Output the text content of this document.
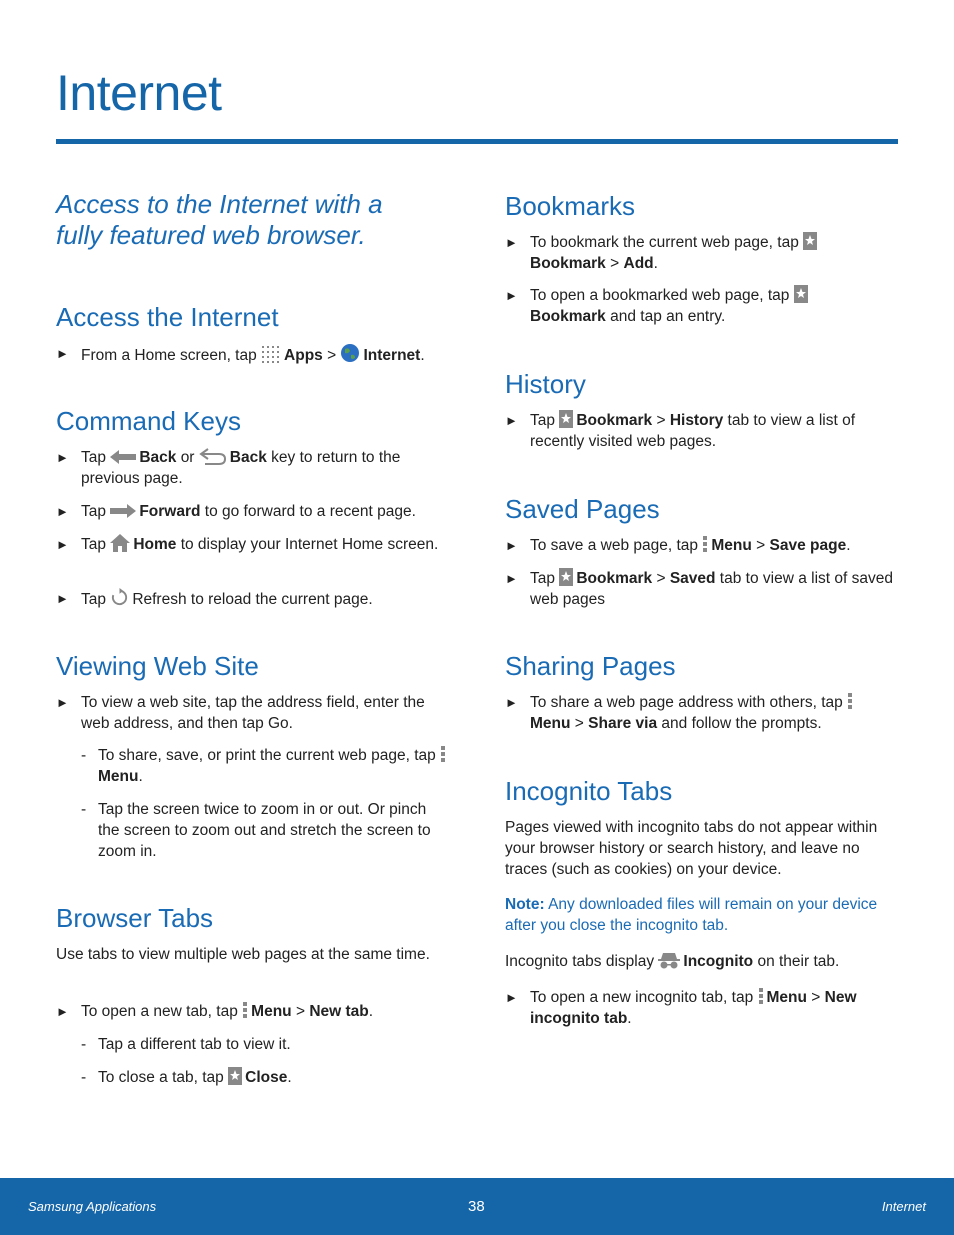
Internet

Access to the Internet with a fully featured web browser.

Access the Internet
► From a Home screen, tap Apps > Internet.
Command Keys
► Tap Back or Back key to return to the previous page.
► Tap Forward to go forward to a recent page.
► Tap Home to display your Internet Home screen.
► Tap Refresh to reload the current page.
Viewing Web Site
► To view a web site, tap the address field, enter the web address, and then tap Go.
- To share, save, or print the current web page, tap Menu.
- Tap the screen twice to zoom in or out. Or pinch the screen to zoom out and stretch the screen to zoom in.
Browser Tabs

Use tabs to view multiple web pages at the same time.

► To open a new tab, tap Menu > New tab.
- Tap a different tab to view it.
- To close a tab, tap Close.
Bookmarks
► To bookmark the current web page, tap Bookmark > Add.
► To open a bookmarked web page, tap Bookmark and tap an entry.
History
► Tap Bookmark > History tab to view a list of recently visited web pages.
Saved Pages
► To save a web page, tap Menu > Save page.
► Tap Bookmark > Saved tab to view a list of saved web pages
Sharing Pages
► To share a web page address with others, tap Menu > Share via and follow the prompts.
Incognito Tabs

Pages viewed with incognito tabs do not appear within your browser history or search history, and leave no traces (such as cookies) on your device.

Note: Any downloaded files will remain on your device after you close the incognito tab.

Incognito tabs display Incognito on their tab.

► To open a new incognito tab, tap Menu > New incognito tab.
Samsung Applications	38	Internet
